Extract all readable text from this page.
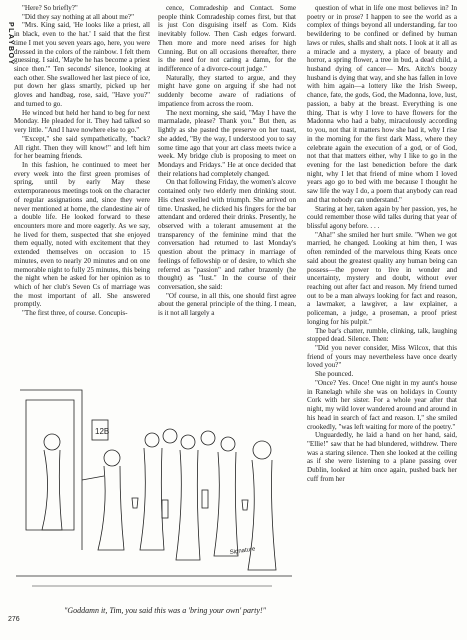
PLAYBOY

"Here? So briefly?"

"Did they say nothing at all about me?"

"Mrs. King said, 'He looks like a priest, all in black, even to the hat.' I said that the first time I met you seven years ago, here, you were dressed in the colors of the rainbow. I felt them guessing. I said, 'Maybe he has become a priest since then.'" Ten seconds' silence, looking at each other. She swallowed her last piece of ice, put down her glass smartly, picked up her gloves and handbag, rose, said, "Have you?" and turned to go.

He winced but held her hand to beg for next Monday. He pleaded for it. They had talked so very little. "And I have nowhere else to go."

"Except," she said sympathetically, "back? All right. Then they will know!" and left him for her beaming friends.

In this fashion, he continued to meet her every week into the first green promises of spring, until by early May these extemporaneous meetings took on the character of regular assignations and, since they were never mentioned at home, the clandestine air of a double life. He looked forward to these encounters more and more eagerly. As we say, he lived for them, suspected that she enjoyed them equally, noted with excitement that they extended themselves on occasion to 15 minutes, even to nearly 20 minutes and on one memorable night to fully 25 minutes, this being the night when he asked for her opinion as to which of her club's Seven Cs of marriage was the most important of all. She answered promptly.

"The first three, of course. Concupis-

cence, Comradeship and Contact. Some people think Comradeship comes first, but that is just Con disguising itself as Com. Kids inevitably follow. Then Cash edges forward. Then more and more need arises for high Cunning. But on all occasions thereafter, there is the need for not caring a damn, for the indifference of a divorce-court judge."

Naturally, they started to argue, and they might have gone on arguing if she had not suddenly become aware of radiations of impatience from across the room.

The next morning, she said, "May I have the marmalade, please? Thank you." But then, as lightly as she pasted the preserve on her toast, she added, "By the way, I understood you to say some time ago that your art class meets twice a week. My bridge club is proposing to meet on Mondays and Fridays." He at once decided that their relations had completely changed.

On that following Friday, the women's alcove contained only two elderly men drinking stout. His chest swelled with triumph. She arrived on time. Unasked, he clicked his fingers for the bar attendant and ordered their drinks. Presently, he observed with a tolerant amusement at the transparency of the feminine mind that the conversation had returned to last Monday's question about the primacy in marriage of feelings of fellowship or of desire, to which she referred as "passion" and rather brazenly (he thought) as "lust." In the course of their conversation, she said:

"Of course, in all this, one should first agree about the general principle of the thing. I mean, is it not all largely a

question of what in life one most believes in? In poetry or in prose? I happen to see the world as a complex of things beyond all understanding, far too bewildering to be confined or defined by human laws or rules, shalls and shalt nots. I look at it all as a miracle and a mystery, a place of beauty and horror, a spring flower, a tree in bud, a dead child, a husband dying of cancer— Mrs. Aitch's boozy husband is dying that way, and she has fallen in love with him again—a lottery like the Irish Sweep, chance, fate, the gods, God, the Madonna, love, lust, passion, a baby at the breast. Everything is one thing. That is why I love to have flowers for the Madonna who had a baby, miraculously according to you, not that it matters how she had it, why I rise in the morning for the first dark Mass, where they celebrate again the execution of a god, or of God, not that that matters either, why I like to go in the evening for the last benediction before the dark night, why I let that friend of mine whom I loved years ago go to bed with me because I thought he saw life the way I do, a poem that anybody can read and that nobody can understand."

Staring at her, taken again by her passion, yes, he could remember those wild talks during that year of blissful agony before. . . .

"Aha!" she smiled her hurt smile. "When we got married, he changed. Looking at him then, I was often reminded of the marvelous thing Keats once said about the greatest quality any human being can possess—the power to live in wonder and uncertainty, mystery and doubt, without ever reaching out after fact and reason. My friend turned out to be a man always looking for fact and reason, a lawmaker, a lawgiver, a law explainer, a policeman, a judge, a proseman, a proof priest longing for his pulpit."

The bar's chatter, rumble, clinking, talk, laughing stopped dead. Silence. Then:

"Did you never consider, Miss Wilcox, that this friend of yours may nevertheless have once dearly loved you?"

She pounced.

"Once? Yes. Once! One night in my aunt's house in Ranelagh while she was on holidays in County Cork with her sister. For a whole year after that night, my wild lover wandered around and around in his head in search of fact and reason. I," she smiled crookedly, "was left waiting for more of the poetry."

Unguardedly, he laid a hand on her hand, said, "Ellie!" saw that he had blundered, withdrew. There was a staring silence. Then she looked at the ceiling as if she were listening to a plane passing over Dublin, looked at him once again, pushed back her cuff from her

12B
Signature
"Goddamn it, Tim, you said this was a 'bring your own' party!"
276
